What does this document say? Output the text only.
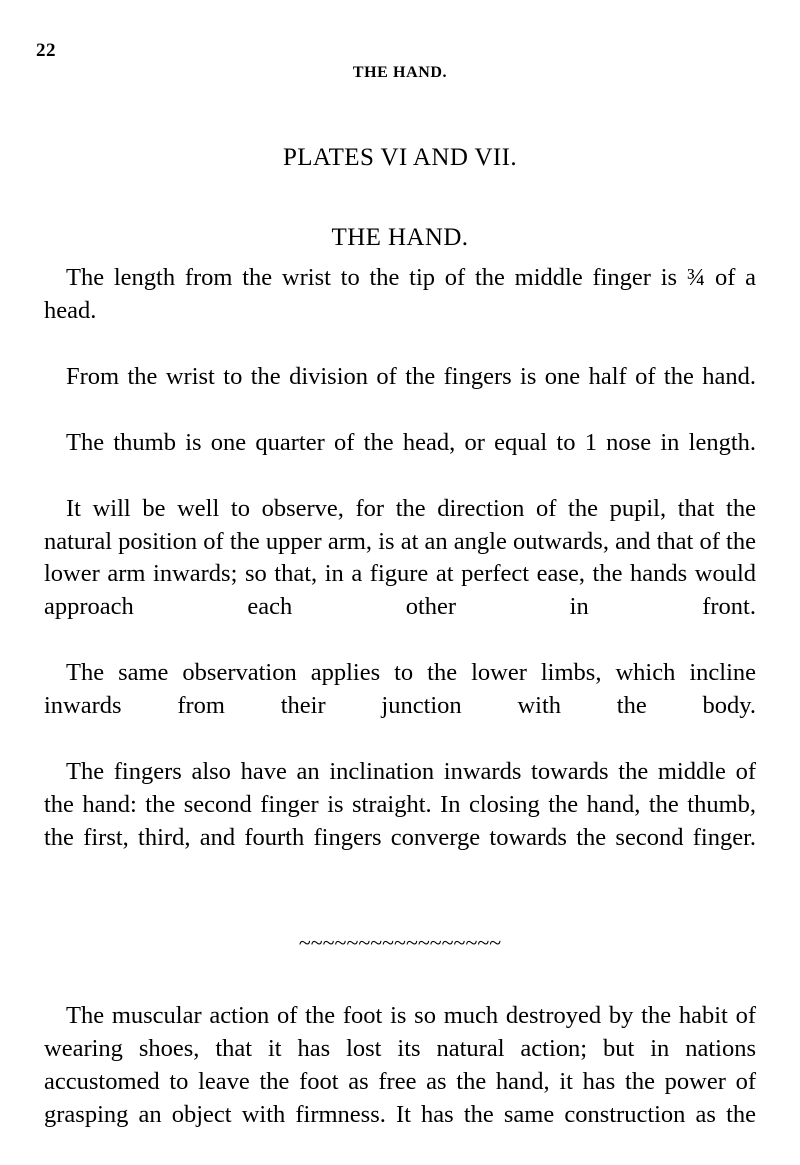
22
THE HAND.
PLATES VI AND VII.
THE HAND.

The length from the wrist to the tip of the middle finger is ¾ of a head.

From the wrist to the division of the fingers is one half of the hand.

The thumb is one quarter of the head, or equal to 1 nose in length.

It will be well to observe, for the direction of the pupil, that the natural position of the upper arm, is at an angle outwards, and that of the lower arm inwards; so that, in a figure at perfect ease, the hands would approach each other in front.

The same observation applies to the lower limbs, which incline inwards from their junction with the body.

The fingers also have an inclination inwards towards the middle of the hand: the second finger is straight. In closing the hand, the thumb, the first, third, and fourth fingers converge towards the second finger.

~~~~~~~~~~~~~~~~~

The muscular action of the foot is so much destroyed by the habit of wearing shoes, that it has lost its natural action; but in nations accustomed to leave the foot as free as the hand, it has the power of grasping an object with firmness. It has the same construction as the
